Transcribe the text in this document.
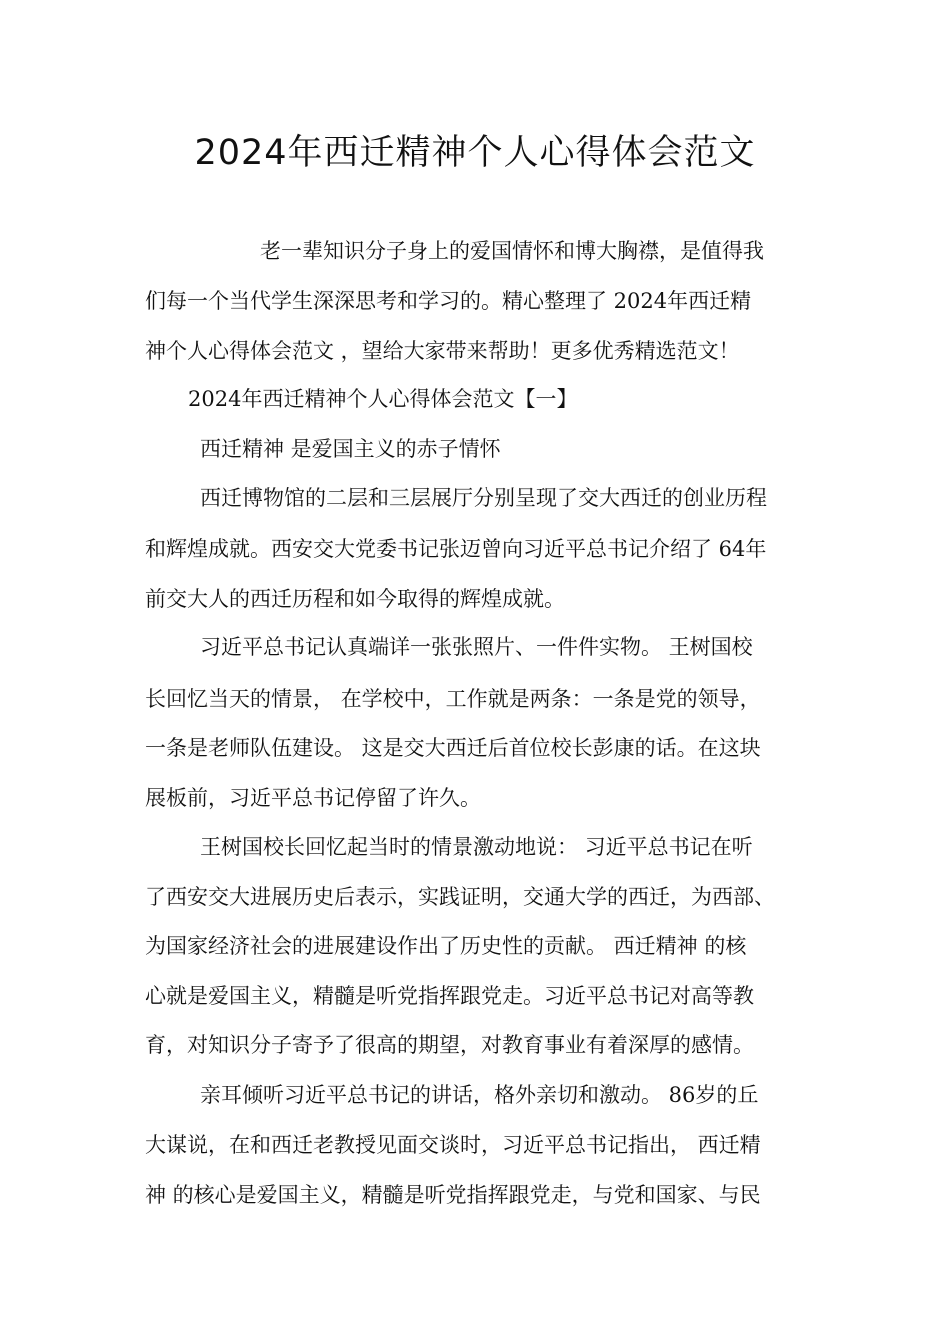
2024年西迁精神个人心得体会范文
老一辈知识分子身上的爱国情怀和博大胸襟，是值得我
们每一个当代学生深深思考和学习的。精心整理了 2024年西迁精
神个人心得体会范文 ，望给大家带来帮助！更多优秀精选范文！
2024年西迁精神个人心得体会范文【一】
西迁精神 是爱国主义的赤子情怀
西迁博物馆的二层和三层展厅分别呈现了交大西迁的创业历程
和辉煌成就。西安交大党委书记张迈曾向习近平总书记介绍了 64年
前交大人的西迁历程和如今取得的辉煌成就。
习近平总书记认真端详一张张照片、一件件实物。 王树国校
长回忆当天的情景， 在学校中，工作就是两条：一条是党的领导，
一条是老师队伍建设。 这是交大西迁后首位校长彭康的话。在这块
展板前，习近平总书记停留了许久。
王树国校长回忆起当时的情景激动地说： 习近平总书记在听
了西安交大进展历史后表示，实践证明，交通大学的西迁，为西部、
为国家经济社会的进展建设作出了历史性的贡献。 西迁精神 的核
心就是爱国主义，精髓是听党指挥跟党走。习近平总书记对高等教
育，对知识分子寄予了很高的期望，对教育事业有着深厚的感情。
亲耳倾听习近平总书记的讲话，格外亲切和激动。 86岁的丘
大谋说，在和西迁老教授见面交谈时，习近平总书记指出， 西迁精
神 的核心是爱国主义，精髓是听党指挥跟党走，与党和国家、与民
